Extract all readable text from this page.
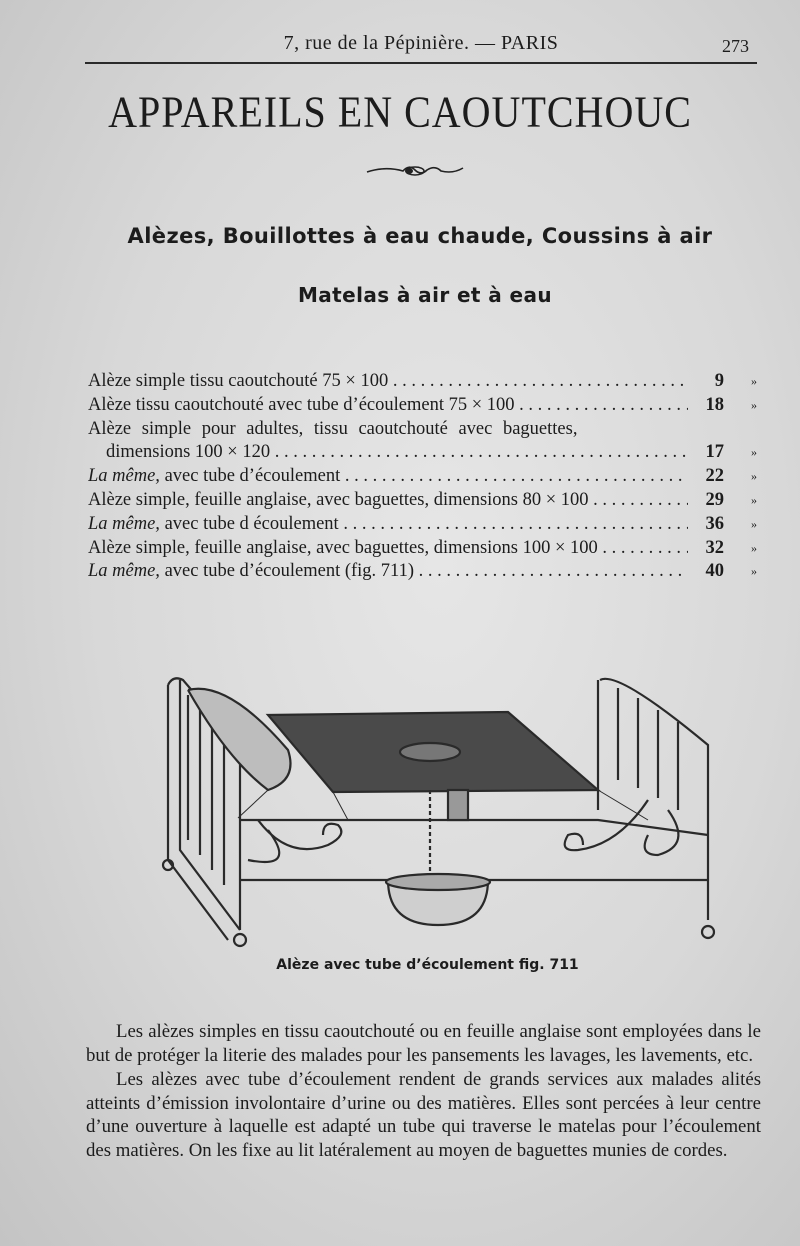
7, rue de la Pépinière. — PARIS	273
APPAREILS EN CAOUTCHOUC
Alèzes, Bouillottes à eau chaude, Coussins à air
Matelas à air et à eau
Alèze simple tissu caoutchouté 75 × 100 . . .	9	»
Alèze tissu caoutchouté avec tube d’écoulement 75 × 100 . . .	18	»
Alèze simple pour adultes, tissu caoutchouté avec baguettes,
dimensions 100 × 120 . . .	17	»
La même, avec tube d’écoulement . . .	22	»
Alèze simple, feuille anglaise, avec baguettes, dimensions 80 × 100 . . .	29	»
La même, avec tube d écoulement . . .	36	»
Alèze simple, feuille anglaise, avec baguettes, dimensions 100 × 100 . . .	32	»
La même, avec tube d’écoulement (fig. 711) . . .	40	»
Alèze avec tube d’écoulement fig. 711

Les alèzes simples en tissu caoutchouté ou en feuille anglaise sont employées dans le but de protéger la literie des malades pour les pansements les lavages, les lavements, etc.

Les alèzes avec tube d’écoulement rendent de grands services aux malades alités atteints d’émission involontaire d’urine ou des matières. Elles sont percées à leur centre d’une ouverture à laquelle est adapté un tube qui traverse le matelas pour l’écoulement des matières. On les fixe au lit latéralement au moyen de baguettes munies de cordes.
